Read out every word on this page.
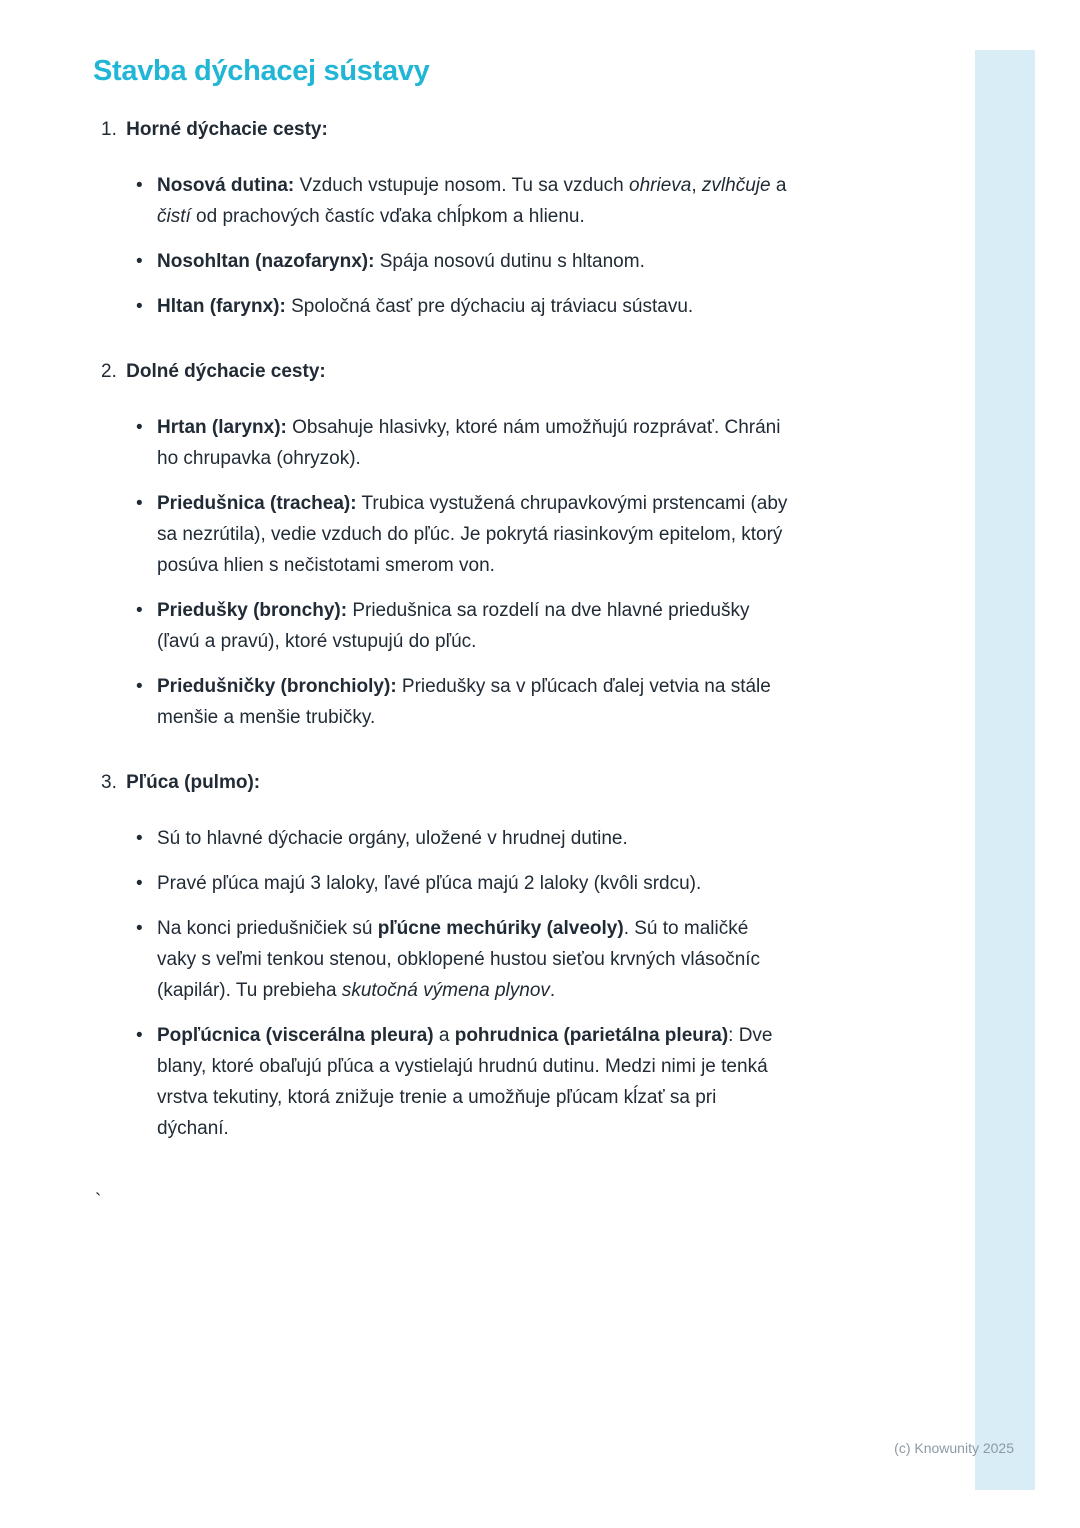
Stavba dýchacej sústavy
1. Horné dýchacie cesty:
• Nosová dutina: Vzduch vstupuje nosom. Tu sa vzduch ohrieva, zvlhčuje a čistí od prachových častíc vďaka chĺpkom a hlienu.
• Nosohltan (nazofarynx): Spája nosovú dutinu s hltanom.
• Hltan (farynx): Spoločná časť pre dýchaciu aj tráviacu sústavu.
2. Dolné dýchacie cesty:
• Hrtan (larynx): Obsahuje hlasivky, ktoré nám umožňujú rozprávať. Chráni ho chrupavka (ohryzok).
• Priedušnica (trachea): Trubica vystužená chrupavkovými prstencami (aby sa nezrútila), vedie vzduch do pľúc. Je pokrytá riasinkovým epitelom, ktorý posúva hlien s nečistotami smerom von.
• Priedušky (bronchy): Priedušnica sa rozdelí na dve hlavné priedušky (ľavú a pravú), ktoré vstupujú do pľúc.
• Priedušničky (bronchioly): Priedušky sa v pľúcach ďalej vetvia na stále menšie a menšie trubičky.
3. Pľúca (pulmo):
• Sú to hlavné dýchacie orgány, uložené v hrudnej dutine.
• Pravé pľúca majú 3 laloky, ľavé pľúca majú 2 laloky (kvôli srdcu).
• Na konci priedušničiek sú pľúcne mechúriky (alveoly). Sú to maličké vaky s veľmi tenkou stenou, obklopené hustou sieťou krvných vlásočníc (kapilár). Tu prebieha skutočná výmena plynov.
• Popľúcnica (viscerálna pleura) a pohrudnica (parietálna pleura): Dve blany, ktoré obaľujú pľúca a vystielajú hrudnú dutinu. Medzi nimi je tenká vrstva tekutiny, ktorá znižuje trenie a umožňuje pľúcam kĺzať sa pri dýchaní.
`
(c) Knowunity 2025
